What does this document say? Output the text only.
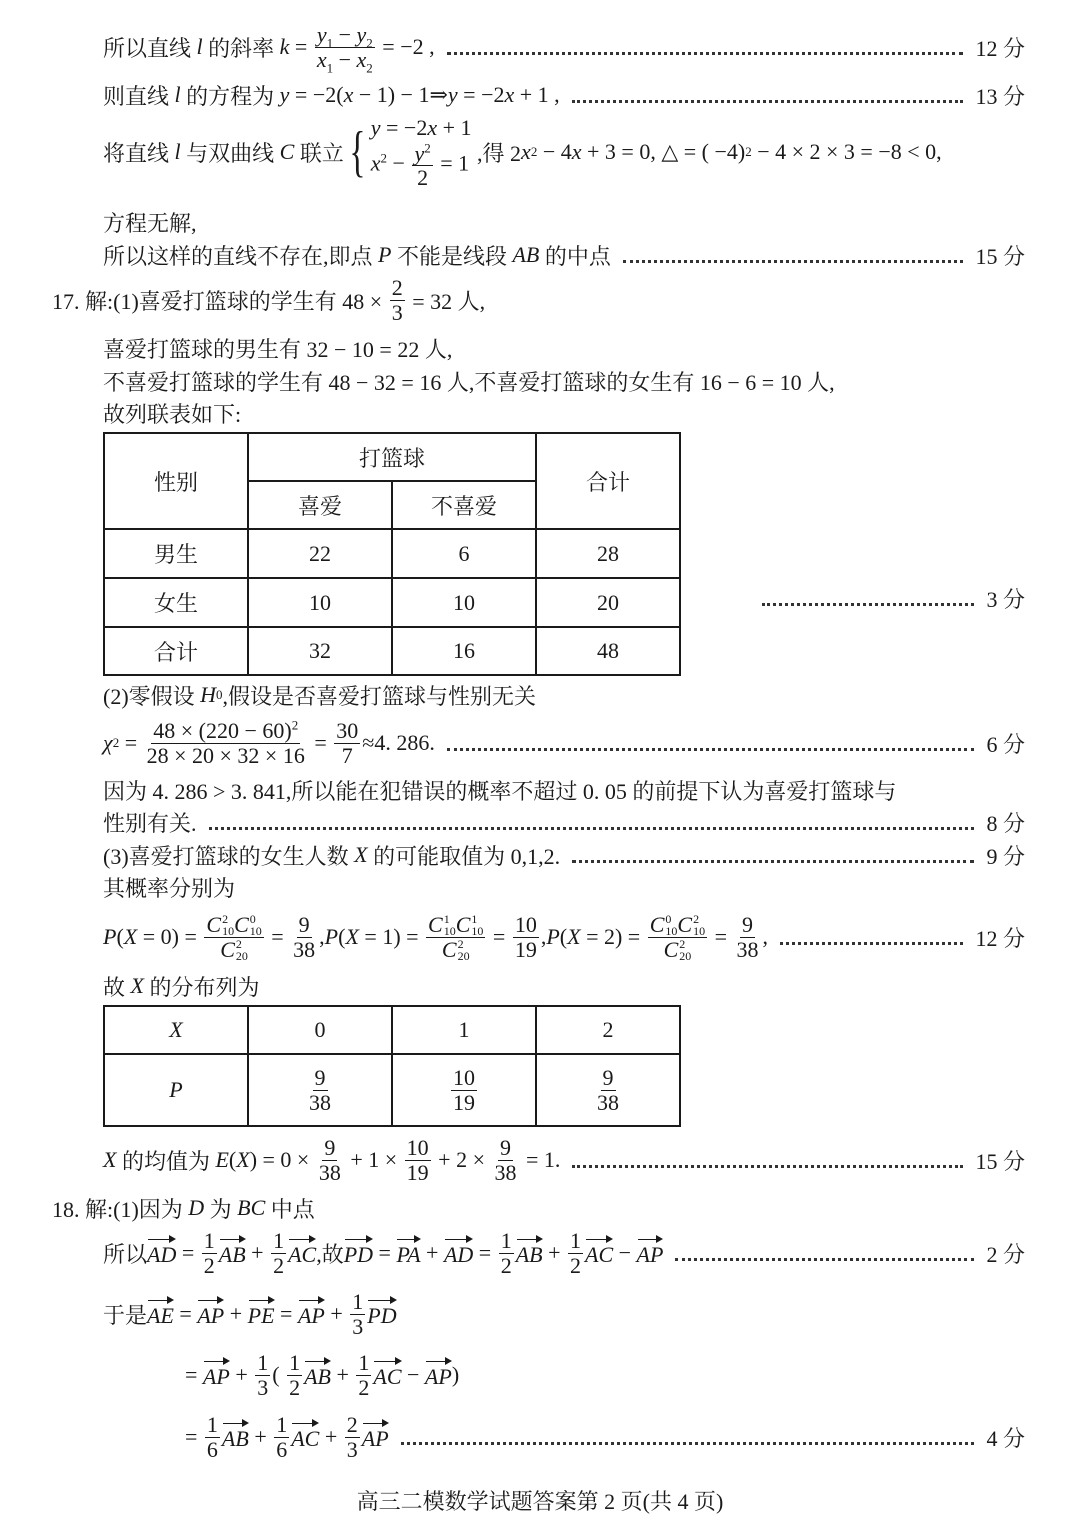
所以直线 l 的斜率 $k = \frac{y_1 - y_2}{x_1 - x_2} = -2$ ,	12 分
则直线 l 的方程为 y = −2( x − 1) − 1⇒ y = −2 x + 1 ,	13 分
将直线 l 与双曲线 C 联立 { y = −2x + 1
$x^2 - \frac{y^2}{2} = 1$ ,得 2 x 2 − 4 x + 3 = 0, △ = ( −4) 2 − 4 × 2 × 3 = −8 < 0,
方程无解,
所以这样的直线不存在,即点 P 不能是线段 AB 的中点	15 分
17. 解:(1)喜爱打篮球的学生有 $48 \times \frac{2}{3} = 32$ 人,
喜爱打篮球的男生有 32 − 10 = 22 人,
不喜爱打篮球的学生有 48 − 32 = 16 人,不喜爱打篮球的女生有 16 − 6 = 10 人,
故列联表如下:
3 分
(2)零假设 H 0 ,假设是否喜爱打篮球与性别无关
χ $2 = \frac{48 \times (220 - 60)^2}{28 \times 20 \times 32 \times 16} = \frac{30}{7} \approx 4$. 286.	6 分
因为 4. 286 > 3. 841,所以能在犯错误的概率不超过 0. 05 的前提下认为喜爱打篮球与
性别有关.	8 分
(3)喜爱打篮球的女生人数 X 的可能取值为 0,1,2.	9 分
其概率分别为
P ( X = 0) = C 2
10 C 0
10
C 2
$20 = \frac{9}{38}$ , P ( X = 1) = C 1
10 C 1
10
C 2
$20 = \frac{10}{19}$ , P ( X = 2) = C 0
10 C 2
10
C 2
$20 = \frac{9}{38}$ ,	12 分
故 X 的分布列为
X 的均值为 E ( X ) = $0 \times \frac{9}{38} + 1 \times \frac{10}{19} + 2 \times \frac{9}{38} = 1$.	15 分
18. 解:(1)因为 D 为 BC 中点
所以 AD = $\frac{1}{2}$ AB + $\frac{1}{2}$ AC ,故 PD = PA + AD = $\frac{1}{2}$ AB + $\frac{1}{2}$ AC − AP	2 分
于是 AE = AP + PE = AP + $\frac{1}{3}$ PD
= AP + $\frac{1}{3}$ ( $\frac{1}{2}$ AB + $\frac{1}{2}$ AC − AP )
= $\frac{1}{6}$ AB + $\frac{1}{6}$ AC + $\frac{2}{3}$ AP	4 分
性别	打篮球		合计
	喜爱	不喜爱	
男生	22	6	28
女生	10	10	20
合计	32	16	48
X	0	1	2
P	$\frac{9}{38}$	$\frac{10}{19}$	$\frac{9}{38}$
高三二模数学试题答案第 2 页(共 4 页)
